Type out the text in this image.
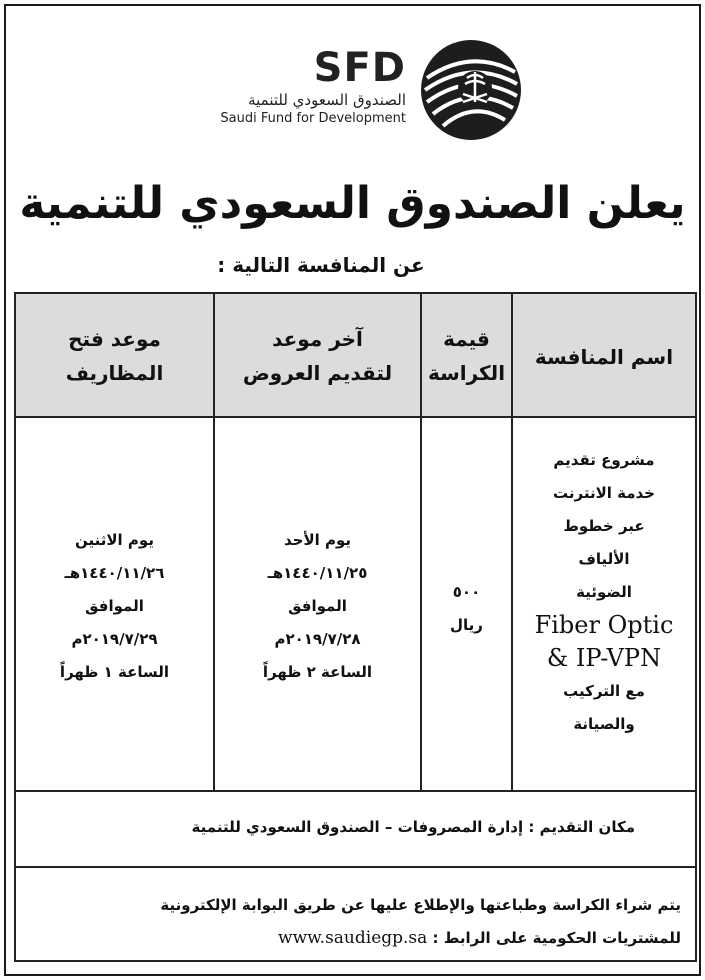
SFD
الصندوق السعودي للتنمية
Saudi Fund for Development
يعلن الصندوق السعودي للتنمية
عن المنافسة التالية :
اسم المنافسة
مشروع تقديم
خدمة الانترنت
عبر خطوط
الألياف
الضوئية
Fiber Optic
& IP-VPN
مع التركيب
والصيانة
قيمة
الكراسة
٥٠٠
ريال
آخر موعد
لتقديم العروض
يوم الأحد
١٤٤٠/١١/٢٥هـ
الموافق
٢٠١٩/٧/٢٨م
الساعة ٢ ظهراً
موعد فتح
المظاريف
يوم الاثنين
١٤٤٠/١١/٢٦هـ
الموافق
٢٠١٩/٧/٢٩م
الساعة ١ ظهراً
مكان التقديم : إدارة المصروفات – الصندوق السعودي للتنمية
يتم شراء الكراسة وطباعتها والإطلاع عليها عن طريق البوابة الإلكترونية
للمشتريات الحكومية على الرابط : www.saudiegp.sa
